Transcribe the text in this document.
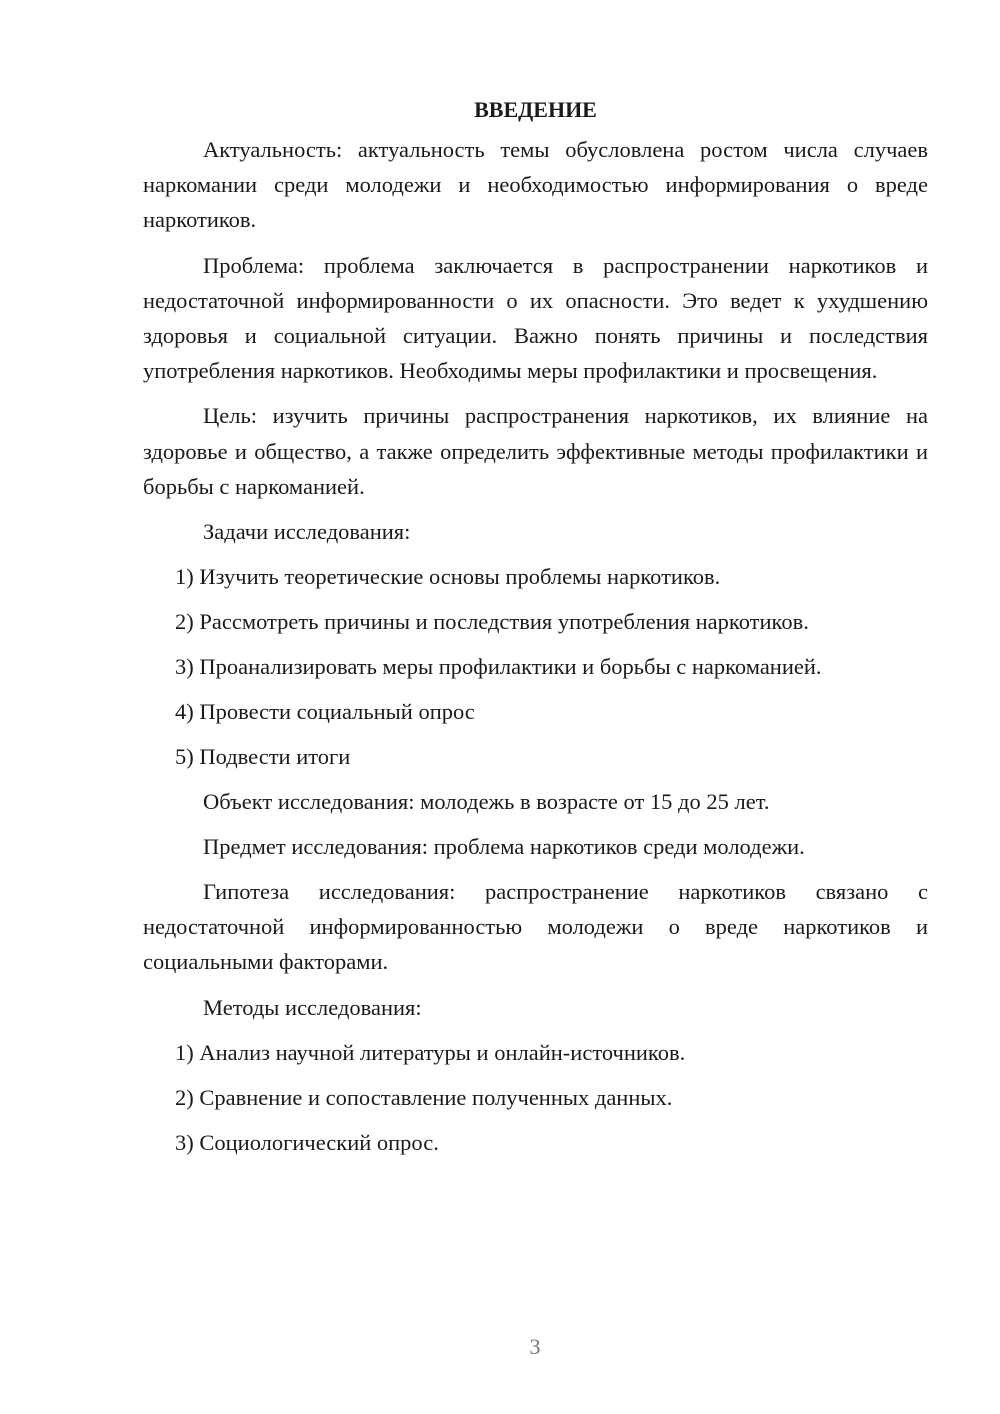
ВВЕДЕНИЕ

Актуальность: актуальность темы обусловлена ростом числа случаев наркомании среди молодежи и необходимостью информирования о вреде наркотиков.

Проблема: проблема заключается в распространении наркотиков и недостаточной информированности о их опасности. Это ведет к ухудшению здоровья и социальной ситуации. Важно понять причины и последствия употребления наркотиков. Необходимы меры профилактики и просвещения.

Цель: изучить причины распространения наркотиков, их влияние на здоровье и общество, а также определить эффективные методы профилактики и борьбы с наркоманией.

Задачи исследования:

1) Изучить теоретические основы проблемы наркотиков.

2) Рассмотреть причины и последствия употребления наркотиков.

3) Проанализировать меры профилактики и борьбы с наркоманией.

4) Провести социальный опрос

5) Подвести итоги

Объект исследования: молодежь в возрасте от 15 до 25 лет.

Предмет исследования: проблема наркотиков среди молодежи.

Гипотеза исследования: распространение наркотиков связано с недостаточной информированностью молодежи о вреде наркотиков и социальными факторами.

Методы исследования:

1) Анализ научной литературы и онлайн-источников.

2) Сравнение и сопоставление полученных данных.

3) Социологический опрос.

3
